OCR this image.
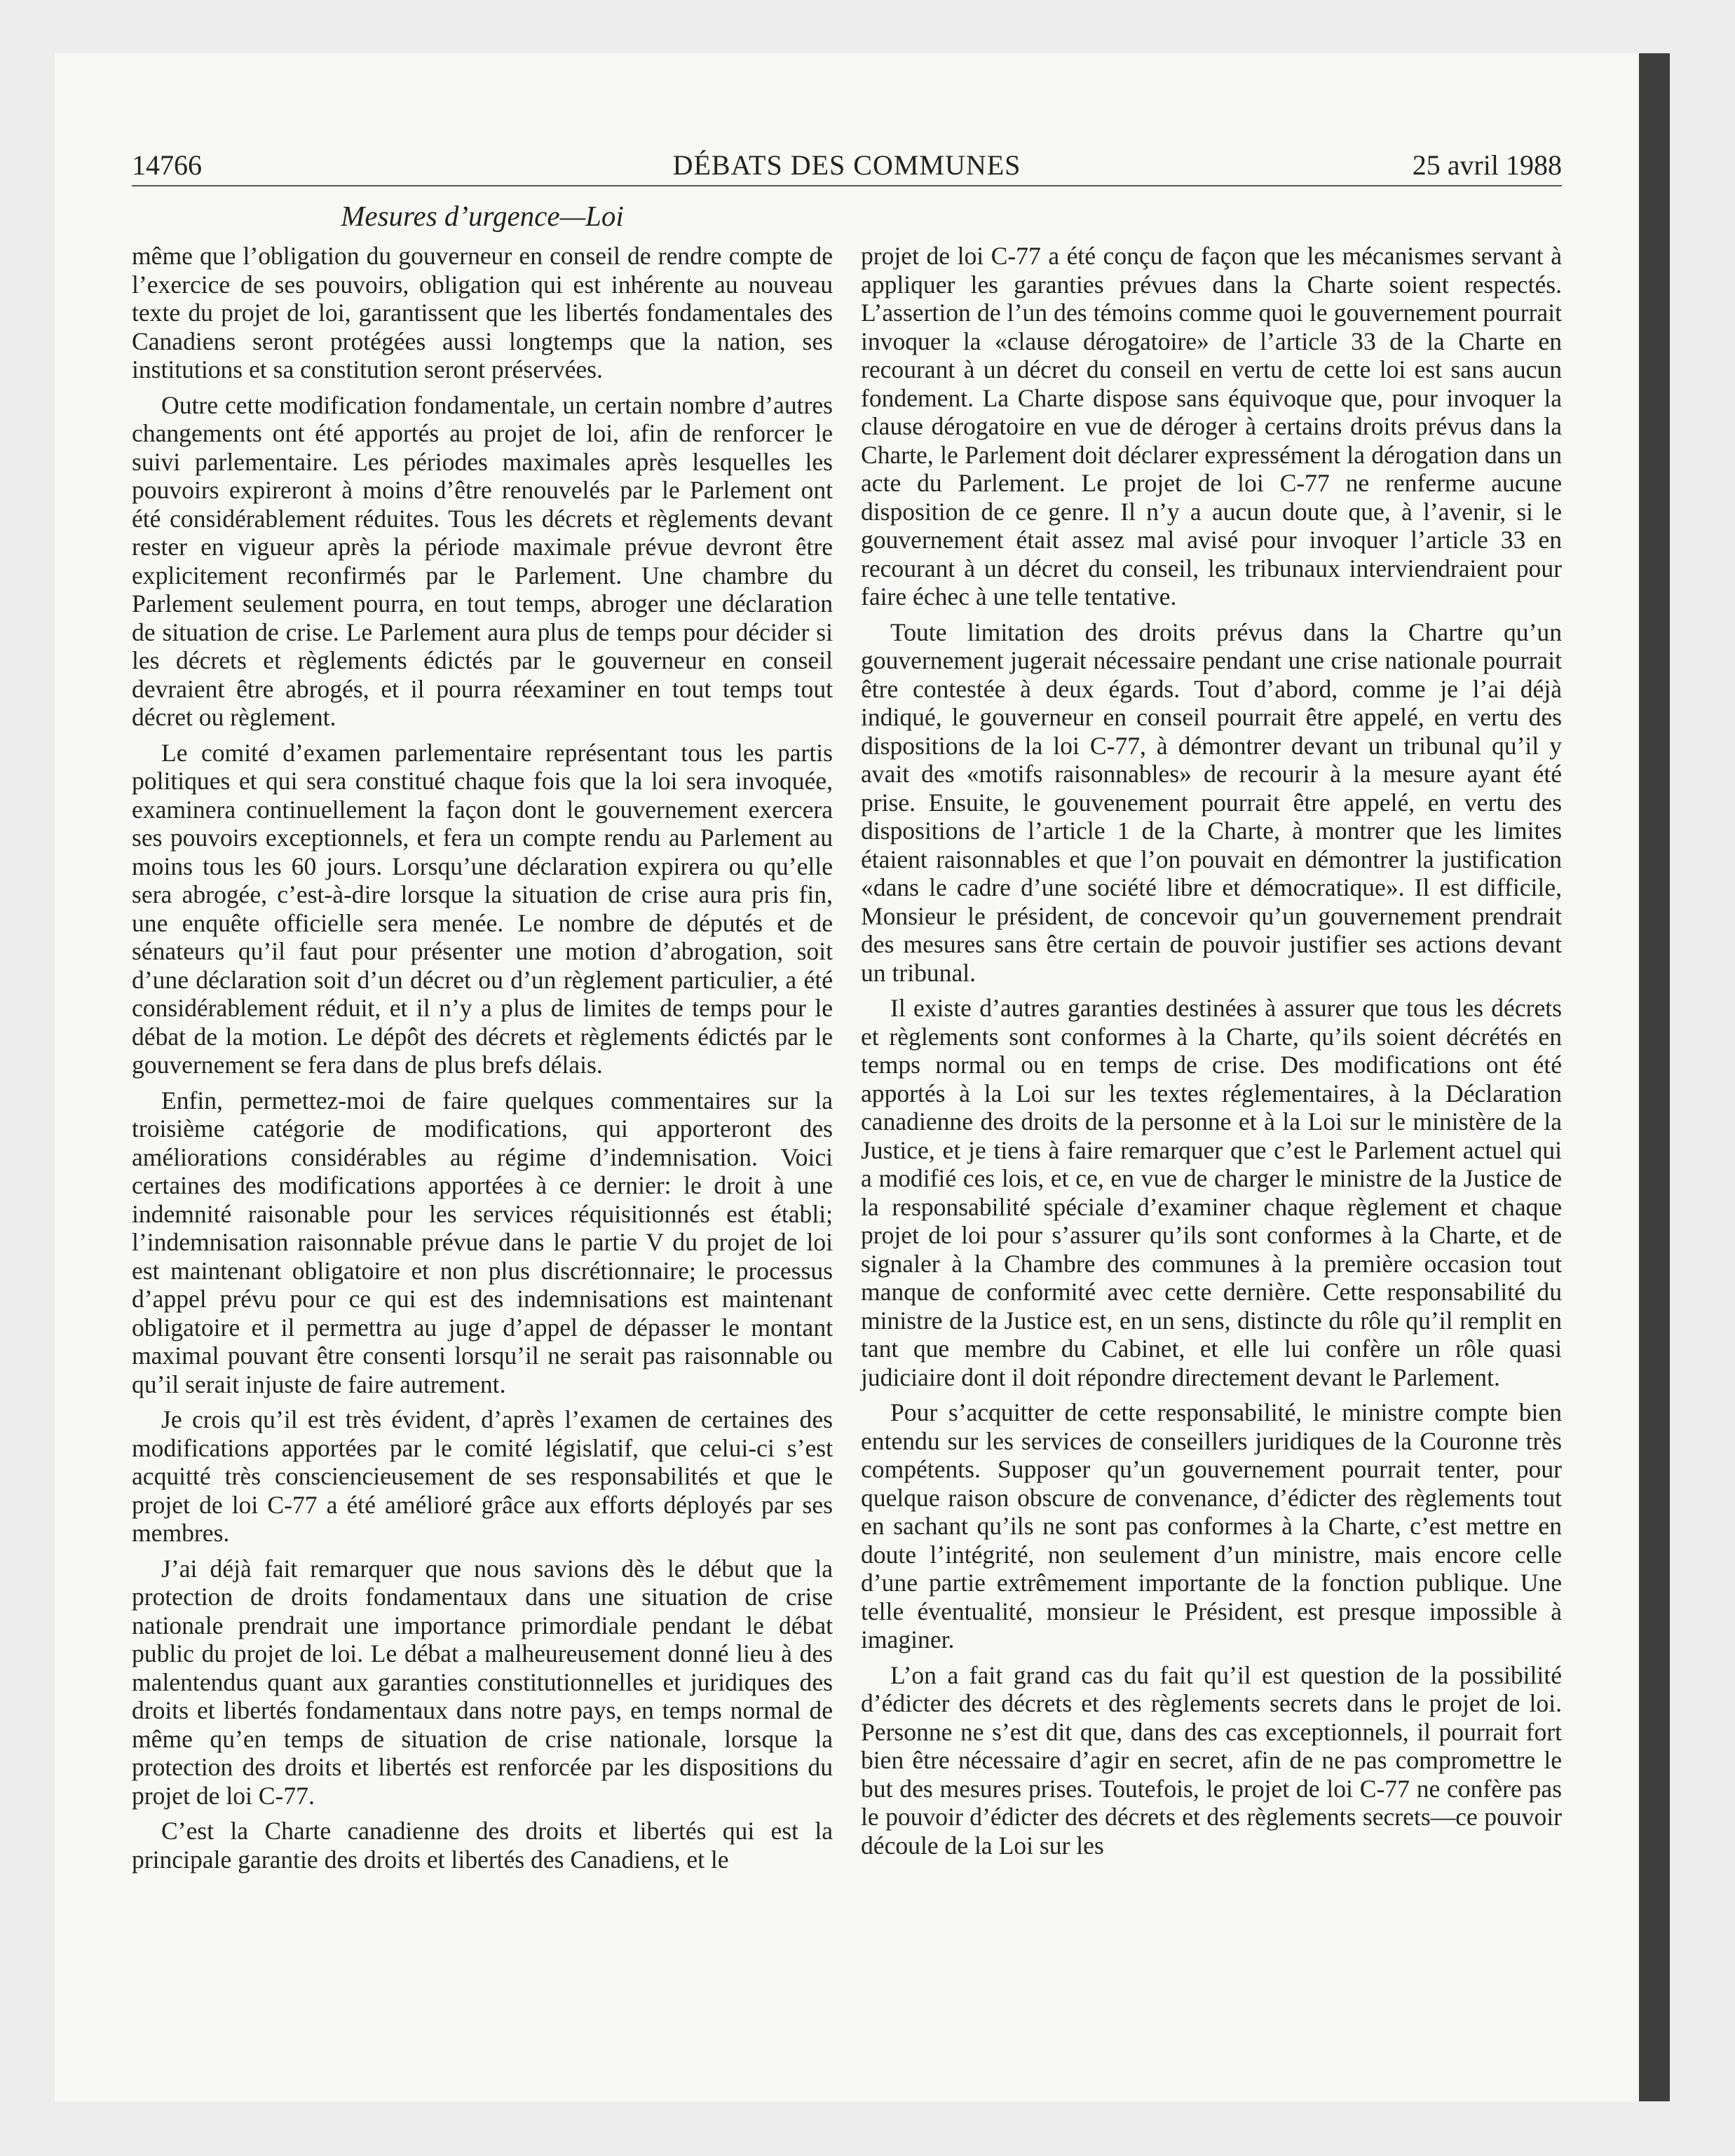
14766	DÉBATS DES COMMUNES	25 avril 1988
Mesures d’urgence—Loi

même que l’obligation du gouverneur en conseil de rendre compte de l’exercice de ses pouvoirs, obligation qui est inhérente au nouveau texte du projet de loi, garantissent que les libertés fondamentales des Canadiens seront protégées aussi longtemps que la nation, ses institutions et sa constitution seront préservées.

Outre cette modification fondamentale, un certain nombre d’autres changements ont été apportés au projet de loi, afin de renforcer le suivi parlementaire. Les périodes maximales après lesquelles les pouvoirs expireront à moins d’être renouvelés par le Parlement ont été considérablement réduites. Tous les décrets et règlements devant rester en vigueur après la période maximale prévue devront être explicitement reconfirmés par le Parlement. Une chambre du Parlement seulement pourra, en tout temps, abroger une déclaration de situation de crise. Le Parlement aura plus de temps pour décider si les décrets et règlements édictés par le gouverneur en conseil devraient être abrogés, et il pourra réexaminer en tout temps tout décret ou règlement.

Le comité d’examen parlementaire représentant tous les partis politiques et qui sera constitué chaque fois que la loi sera invoquée, examinera continuellement la façon dont le gouvernement exercera ses pouvoirs exceptionnels, et fera un compte rendu au Parlement au moins tous les 60 jours. Lorsqu’une déclaration expirera ou qu’elle sera abrogée, c’est-à-dire lorsque la situation de crise aura pris fin, une enquête officielle sera menée. Le nombre de députés et de sénateurs qu’il faut pour présenter une motion d’abrogation, soit d’une déclaration soit d’un décret ou d’un règlement particulier, a été considérablement réduit, et il n’y a plus de limites de temps pour le débat de la motion. Le dépôt des décrets et règlements édictés par le gouvernement se fera dans de plus brefs délais.

Enfin, permettez-moi de faire quelques commentaires sur la troisième catégorie de modifications, qui apporteront des améliorations considérables au régime d’indemnisation. Voici certaines des modifications apportées à ce dernier: le droit à une indemnité raisonable pour les services réquisitionnés est établi; l’indemnisation raisonnable prévue dans le partie V du projet de loi est maintenant obligatoire et non plus discrétionnaire; le processus d’appel prévu pour ce qui est des indemnisations est maintenant obligatoire et il permettra au juge d’appel de dépasser le montant maximal pouvant être consenti lorsqu’il ne serait pas raisonnable ou qu’il serait injuste de faire autrement.

Je crois qu’il est très évident, d’après l’examen de certaines des modifications apportées par le comité législatif, que celui-ci s’est acquitté très consciencieusement de ses responsabilités et que le projet de loi C-77 a été amélioré grâce aux efforts déployés par ses membres.

J’ai déjà fait remarquer que nous savions dès le début que la protection de droits fondamentaux dans une situation de crise nationale prendrait une importance primordiale pendant le débat public du projet de loi. Le débat a malheureusement donné lieu à des malentendus quant aux garanties constitutionnelles et juridiques des droits et libertés fondamentaux dans notre pays, en temps normal de même qu’en temps de situation de crise nationale, lorsque la protection des droits et libertés est renforcée par les dispositions du projet de loi C-77.

C’est la Charte canadienne des droits et libertés qui est la principale garantie des droits et libertés des Canadiens, et le

projet de loi C-77 a été conçu de façon que les mécanismes servant à appliquer les garanties prévues dans la Charte soient respectés. L’assertion de l’un des témoins comme quoi le gouvernement pourrait invoquer la «clause dérogatoire» de l’article 33 de la Charte en recourant à un décret du conseil en vertu de cette loi est sans aucun fondement. La Charte dispose sans équivoque que, pour invoquer la clause dérogatoire en vue de déroger à certains droits prévus dans la Charte, le Parlement doit déclarer expressément la dérogation dans un acte du Parlement. Le projet de loi C-77 ne renferme aucune disposition de ce genre. Il n’y a aucun doute que, à l’avenir, si le gouvernement était assez mal avisé pour invoquer l’article 33 en recourant à un décret du conseil, les tribunaux interviendraient pour faire échec à une telle tentative.

Toute limitation des droits prévus dans la Chartre qu’un gouvernement jugerait nécessaire pendant une crise nationale pourrait être contestée à deux égards. Tout d’abord, comme je l’ai déjà indiqué, le gouverneur en conseil pourrait être appelé, en vertu des dispositions de la loi C-77, à démontrer devant un tribunal qu’il y avait des «motifs raisonnables» de recourir à la mesure ayant été prise. Ensuite, le gouvenement pourrait être appelé, en vertu des dispositions de l’article 1 de la Charte, à montrer que les limites étaient raisonnables et que l’on pouvait en démontrer la justification «dans le cadre d’une société libre et démocratique». Il est difficile, Monsieur le président, de concevoir qu’un gouvernement prendrait des mesures sans être certain de pouvoir justifier ses actions devant un tribunal.

Il existe d’autres garanties destinées à assurer que tous les décrets et règlements sont conformes à la Charte, qu’ils soient décrétés en temps normal ou en temps de crise. Des modifications ont été apportés à la Loi sur les textes réglementaires, à la Déclaration canadienne des droits de la personne et à la Loi sur le ministère de la Justice, et je tiens à faire remarquer que c’est le Parlement actuel qui a modifié ces lois, et ce, en vue de charger le ministre de la Justice de la responsabilité spéciale d’examiner chaque règlement et chaque projet de loi pour s’assurer qu’ils sont conformes à la Charte, et de signaler à la Chambre des communes à la première occasion tout manque de conformité avec cette dernière. Cette responsabilité du ministre de la Justice est, en un sens, distincte du rôle qu’il remplit en tant que membre du Cabinet, et elle lui confère un rôle quasi judiciaire dont il doit répondre directement devant le Parlement.

Pour s’acquitter de cette responsabilité, le ministre compte bien entendu sur les services de conseillers juridiques de la Couronne très compétents. Supposer qu’un gouvernement pourrait tenter, pour quelque raison obscure de convenance, d’édicter des règlements tout en sachant qu’ils ne sont pas conformes à la Charte, c’est mettre en doute l’intégrité, non seulement d’un ministre, mais encore celle d’une partie extrêmement importante de la fonction publique. Une telle éventualité, monsieur le Président, est presque impossible à imaginer.

L’on a fait grand cas du fait qu’il est question de la possibilité d’édicter des décrets et des règlements secrets dans le projet de loi. Personne ne s’est dit que, dans des cas exceptionnels, il pourrait fort bien être nécessaire d’agir en secret, afin de ne pas compromettre le but des mesures prises. Toutefois, le projet de loi C-77 ne confère pas le pouvoir d’édicter des décrets et des règlements secrets—ce pouvoir découle de la Loi sur les
